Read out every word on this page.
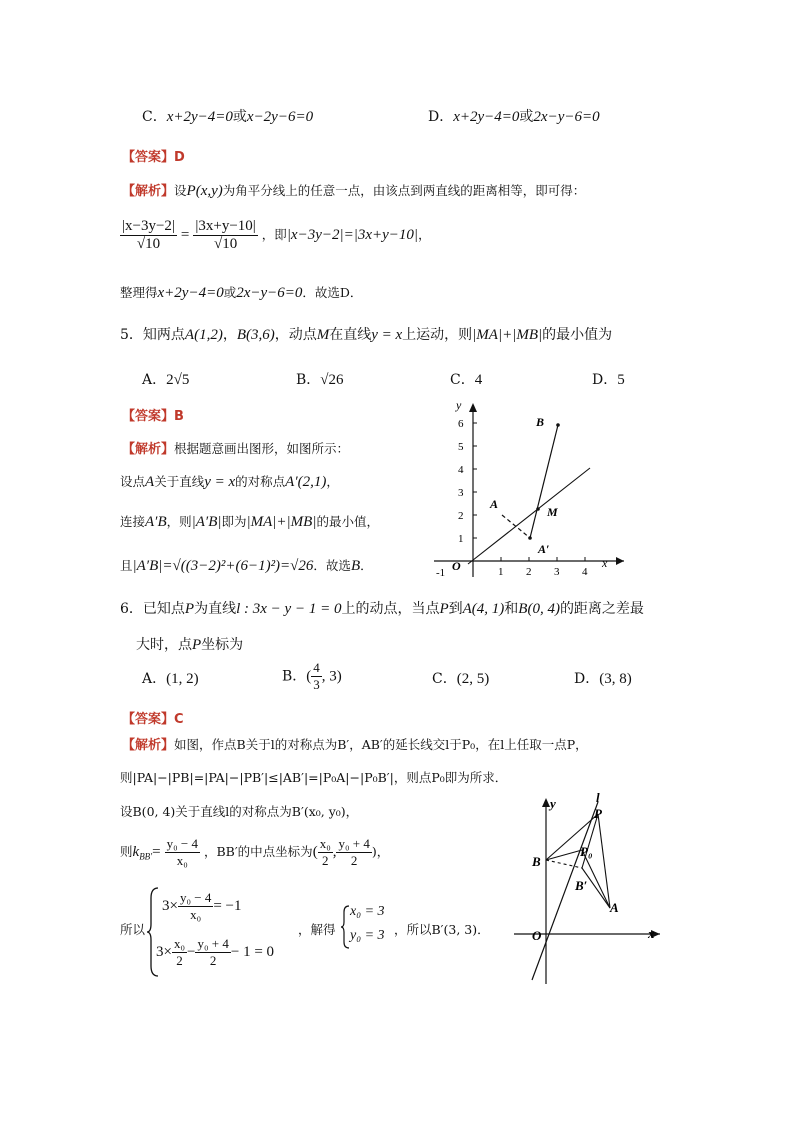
C．x+2y−4=0或x−2y−6=0	D．x+2y−4=0或2x−y−6=0
【答案】D
【解析】设P(x,y)为角平分线上的任意一点，由该点到两直线的距离相等，即可得：
$\frac{|x-3y-2|}{√10} = \frac{|3x+y-10|}{√10}$ ，即|x−3y−2|=|3x+y−10|，
整理得x+2y−4=0或2x−y−6=0．故选D．
5．知两点A(1,2)，B(3,6)，动点M在直线y = x上运动，则|MA|+|MB|的最小值为
A．2√5	B．√26	C．4	D．5
【答案】B
【解析】根据题意画出图形，如图所示：
设点A关于直线y = x的对称点A′(2,1)，
连接A′B，则|A′B|即为|MA|+|MB|的最小值，
且|A′B|=√((3−2)²+(6−1)²)=√26．故选B．
y
x
O
-1
B
A
M
A′
1
2
3
4
5
6
1 2 3 4
6．已知点P为直线l : 3x − y − 1 = 0上的动点，当点P到A(4, 1)和B(0, 4)的距离之差最
大时，点P坐标为
A．(1, 2)	B．( $\frac{4}{3}$ , 3)	C．(2, 5)	D．(3, 8)
【答案】C
【解析】如图，作点B关于l的对称点为B′，AB′的延长线交l于P₀，在l上任取一点P，
则|PA|−|PB|=|PA|−|PB′|≤|AB′|=|P₀A|−|P₀B′|，则点P₀即为所求．
设B(0, 4)关于直线l的对称点为B′(x₀, y₀)，
则$k_{BB'}= \frac{\text{y₀ − 4}}{\text{x₀}}$ ，BB′的中点坐标为( $\frac{\text{x₀}}{2}$ , $\frac{\text{y₀ + 4}}{2}$ )，
所以
$3\times \frac{\text{y₀ − 4}}{\text{x₀}} = -1$
$3\times \frac{\text{x₀}}{2} - \frac{\text{y₀ + 4}}{2} - 1 = 0$
，解得
x₀ = 3
y₀ = 3 ，所以B′(3, 3)．
y	l
P
P₀
B
B′
A
O	x
